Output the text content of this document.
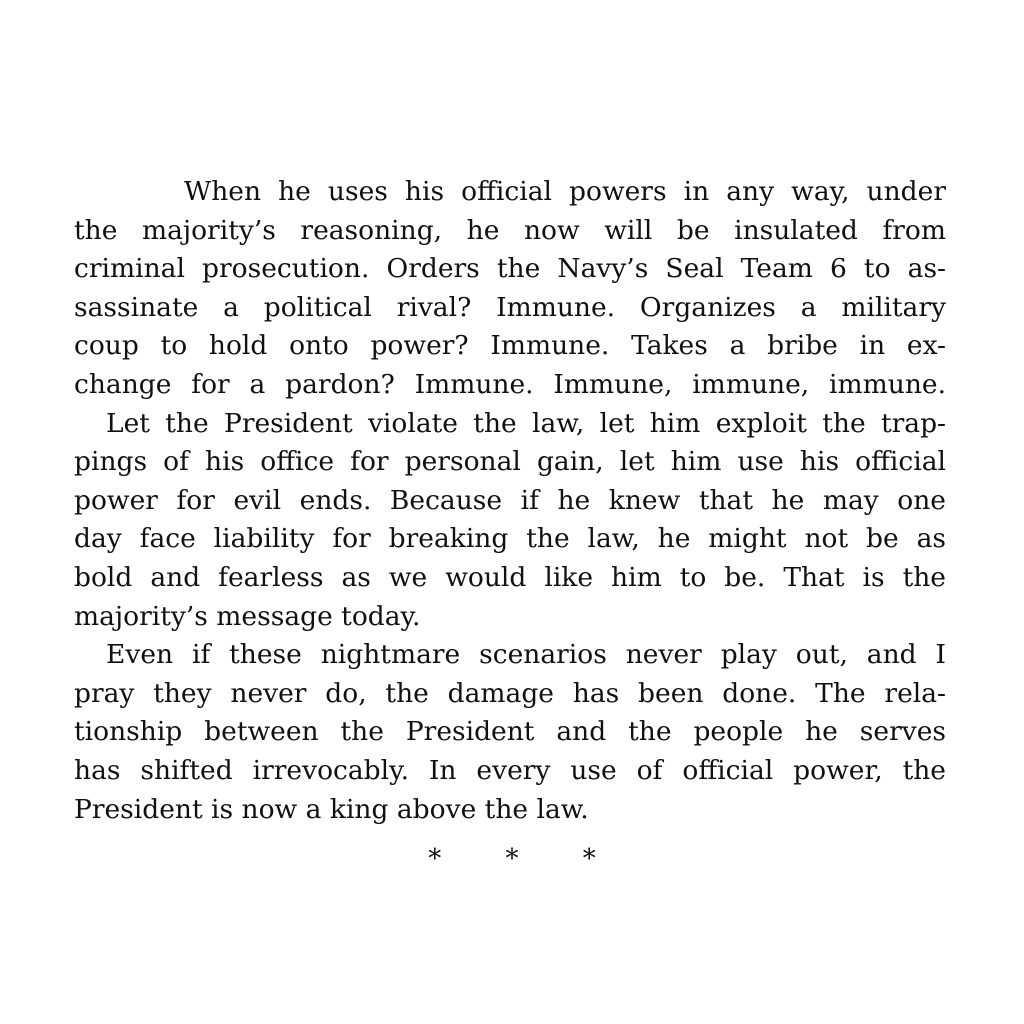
When he uses his official powers in any way, under
the majority’s reasoning, he now will be insulated from
criminal prosecution. Orders the Navy’s Seal Team 6 to as-
sassinate a political rival? Immune. Organizes a military
coup to hold onto power? Immune. Takes a bribe in ex-
change for a pardon? Immune. Immune, immune, immune.
Let the President violate the law, let him exploit the trap-
pings of his office for personal gain, let him use his official
power for evil ends. Because if he knew that he may one
day face liability for breaking the law, he might not be as
bold and fearless as we would like him to be. That is the
majority’s message today.
Even if these nightmare scenarios never play out, and I
pray they never do, the damage has been done. The rela-
tionship between the President and the people he serves
has shifted irrevocably. In every use of official power, the
President is now a king above the law.
* * *
